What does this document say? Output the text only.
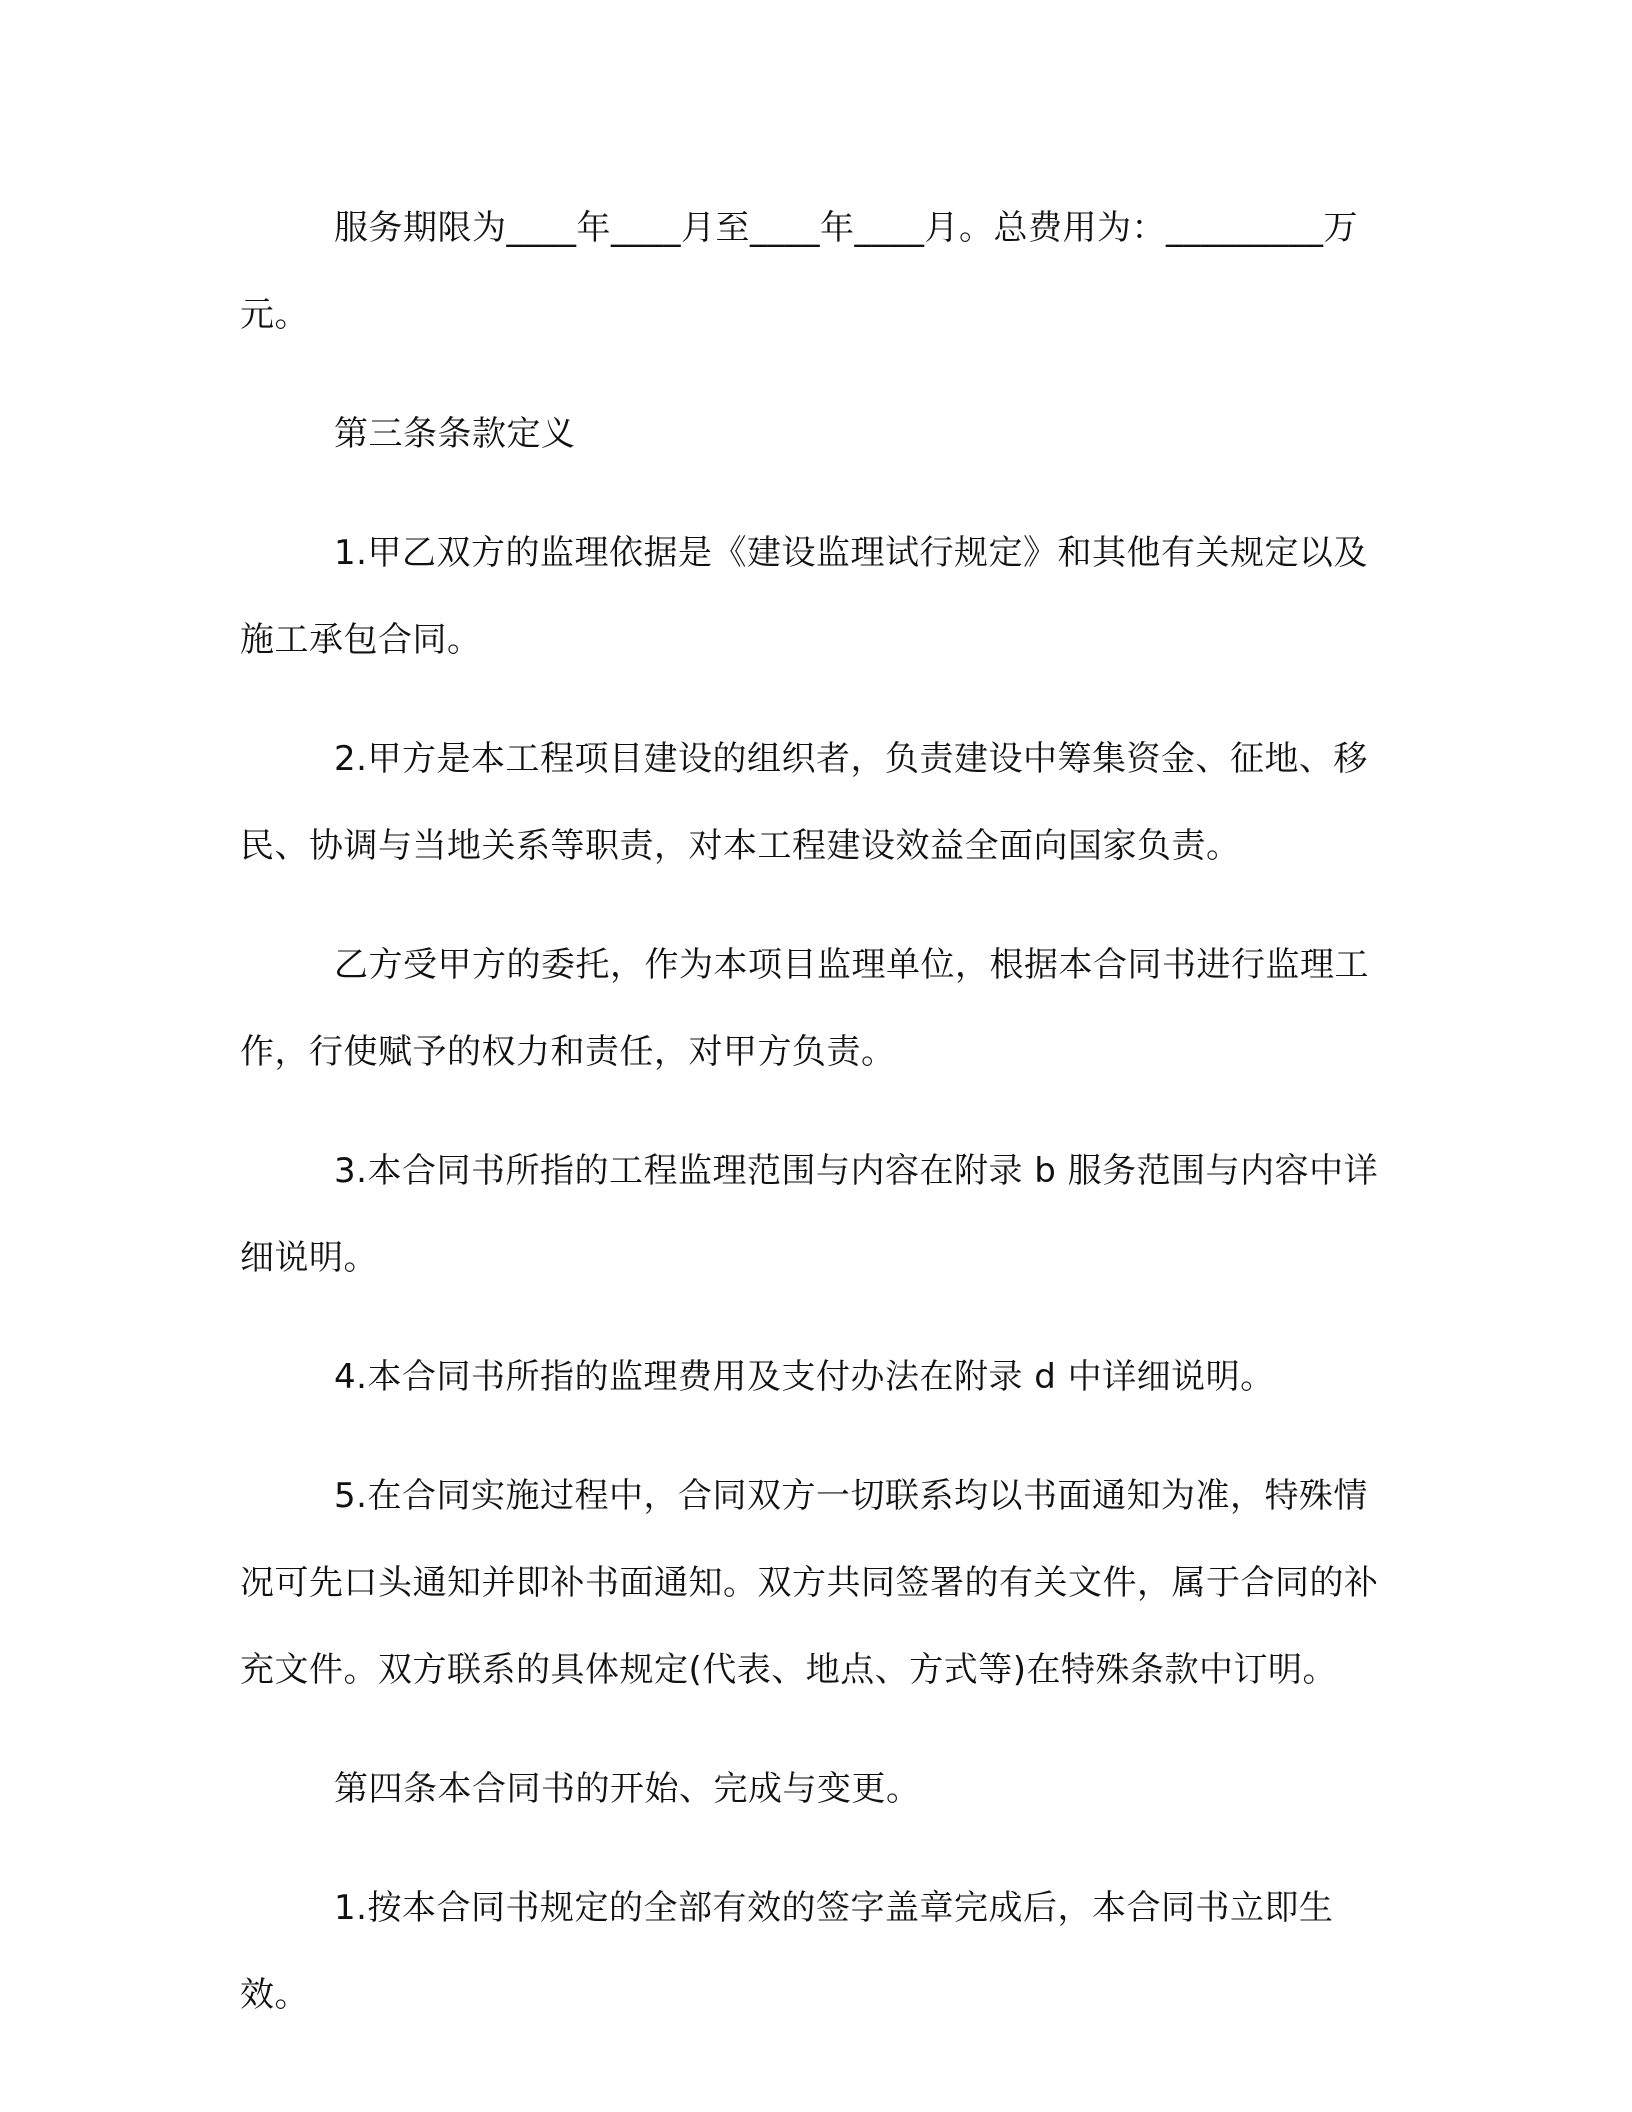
服务期限为____年____月至____年____月。总费用为：_________万元。

第三条条款定义

1.甲乙双方的监理依据是《建设监理试行规定》和其他有关规定以及施工承包合同。

2.甲方是本工程项目建设的组织者，负责建设中筹集资金、征地、移民、协调与当地关系等职责，对本工程建设效益全面向国家负责。

乙方受甲方的委托，作为本项目监理单位，根据本合同书进行监理工作，行使赋予的权力和责任，对甲方负责。

3.本合同书所指的工程监理范围与内容在附录 b 服务范围与内容中详细说明。

4.本合同书所指的监理费用及支付办法在附录 d 中详细说明。

5.在合同实施过程中，合同双方一切联系均以书面通知为准，特殊情况可先口头通知并即补书面通知。双方共同签署的有关文件，属于合同的补充文件。双方联系的具体规定(代表、地点、方式等)在特殊条款中订明。

第四条本合同书的开始、完成与变更。

1.按本合同书规定的全部有效的签字盖章完成后，本合同书立即生效。
